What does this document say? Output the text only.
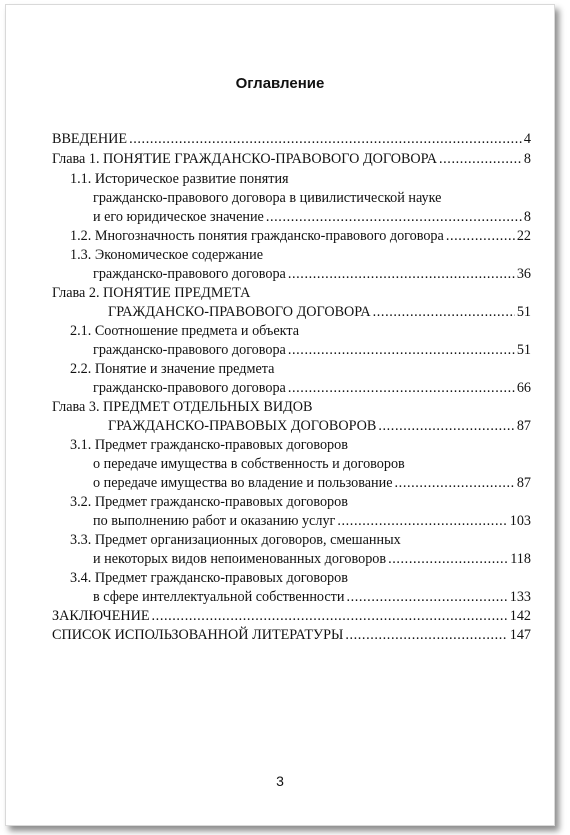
Оглавление
ВВЕДЕНИЕ .....	4
Глава 1. ПОНЯТИЕ ГРАЖДАНСКО-ПРАВОВОГО ДОГОВОРА .....	8
1.1. Историческое развитие понятия
гражданско-правового договора в цивилистической науке
и его юридическое значение .....	8
1.2. Многозначность понятия гражданско-правового договора .....	22
1.3. Экономическое содержание
гражданско-правового договора .....	36
Глава 2. ПОНЯТИЕ ПРЕДМЕТА
ГРАЖДАНСКО-ПРАВОВОГО ДОГОВОРА .....	51
2.1. Соотношение предмета и объекта
гражданско-правового договора .....	51
2.2. Понятие и значение предмета
гражданско-правового договора .....	66
Глава 3. ПРЕДМЕТ ОТДЕЛЬНЫХ ВИДОВ
ГРАЖДАНСКО-ПРАВОВЫХ ДОГОВОРОВ .....	87
3.1. Предмет гражданско-правовых договоров
о передаче имущества в собственность и договоров
о передаче имущества во владение и пользование .....	87
3.2. Предмет гражданско-правовых договоров
по выполнению работ и оказанию услуг .....	103
3.3. Предмет организационных договоров, смешанных
и некоторых видов непоименованных договоров .....	118
3.4. Предмет гражданско-правовых договоров
в сфере интеллектуальной собственности .....	133
ЗАКЛЮЧЕНИЕ .....	142
СПИСОК ИСПОЛЬЗОВАННОЙ ЛИТЕРАТУРЫ .....	147
3
